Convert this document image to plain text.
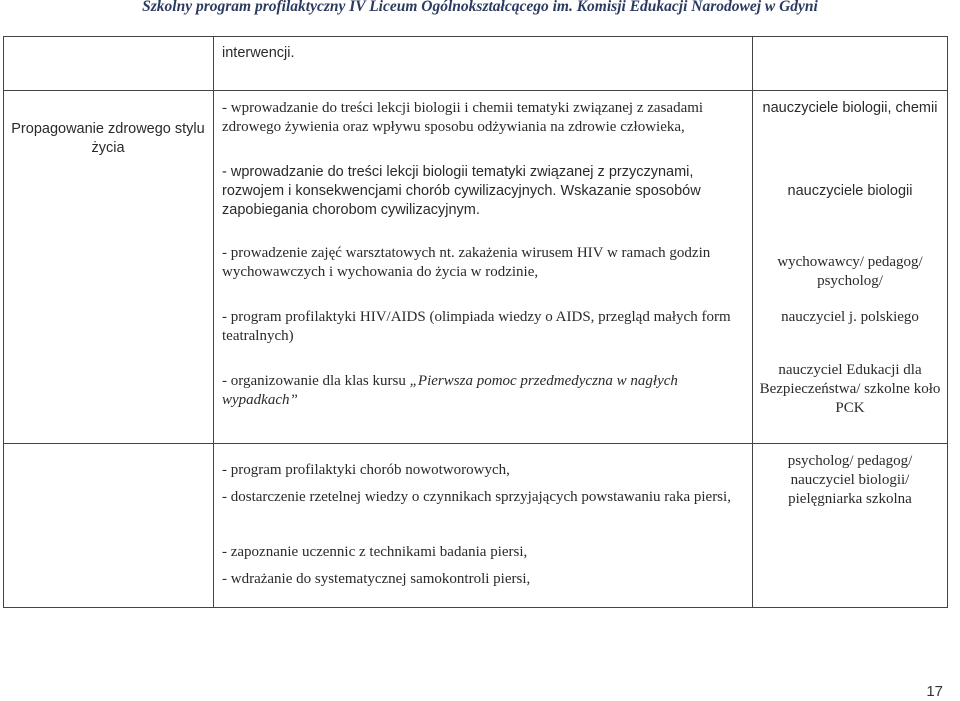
Szkolny program profilaktyczny IV Liceum Ogólnokształcącego im. Komisji Edukacji Narodowej w Gdyni
interwencji.
Propagowanie zdrowego stylu życia
- wprowadzanie do treści lekcji biologii i chemii tematyki związanej z zasadami zdrowego żywienia oraz wpływu sposobu odżywiania na zdrowie człowieka,
- wprowadzanie do treści lekcji biologii tematyki związanej z przyczynami, rozwojem i konsekwencjami chorób cywilizacyjnych. Wskazanie sposobów zapobiegania chorobom cywilizacyjnym.
- prowadzenie zajęć warsztatowych nt. zakażenia wirusem HIV w ramach godzin wychowawczych i wychowania do życia w rodzinie,
- program profilaktyki HIV/AIDS (olimpiada wiedzy o AIDS, przegląd małych form teatralnych)
- organizowanie dla klas kursu „Pierwsza pomoc przedmedyczna w nagłych wypadkach”
nauczyciele biologii, chemii
nauczyciele biologii
wychowawcy/ pedagog/ psycholog/
nauczyciel j. polskiego
nauczyciel Edukacji dla Bezpieczeństwa/ szkolne koło PCK
- program profilaktyki chorób nowotworowych,
- dostarczenie rzetelnej wiedzy o czynnikach sprzyjających powstawaniu raka piersi,
- zapoznanie uczennic z technikami badania piersi,
- wdrażanie do systematycznej samokontroli piersi,
psycholog/ pedagog/ nauczyciel biologii/ pielęgniarka szkolna
17
